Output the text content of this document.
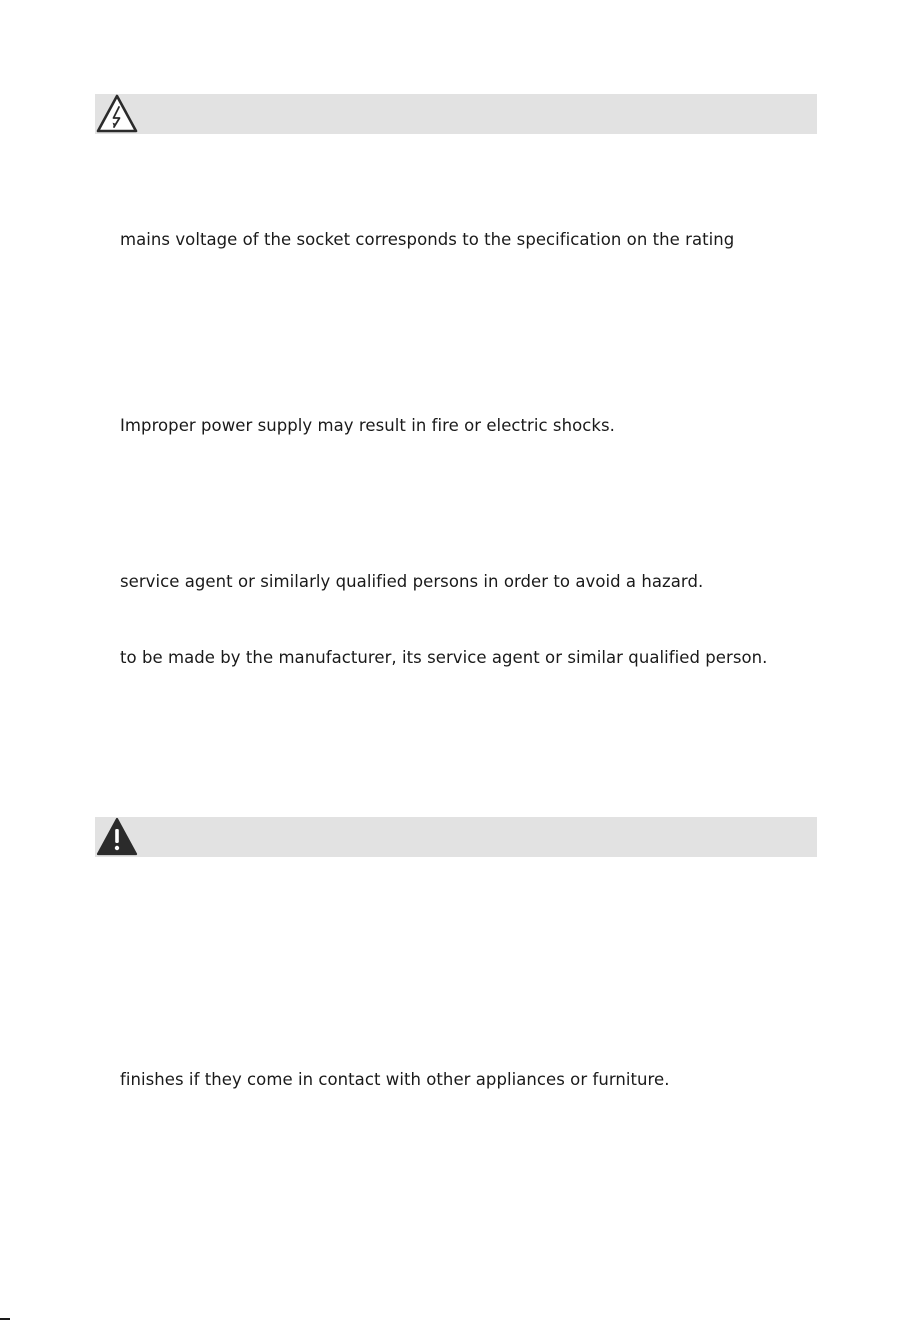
mains voltage of the socket corresponds to the specification on the rating
Improper power supply may result in fire or electric shocks.
service agent or similarly qualified persons in order to avoid a hazard.
to be made by the manufacturer, its service agent or similar qualified person.
finishes if they come in contact with other appliances or furniture.
